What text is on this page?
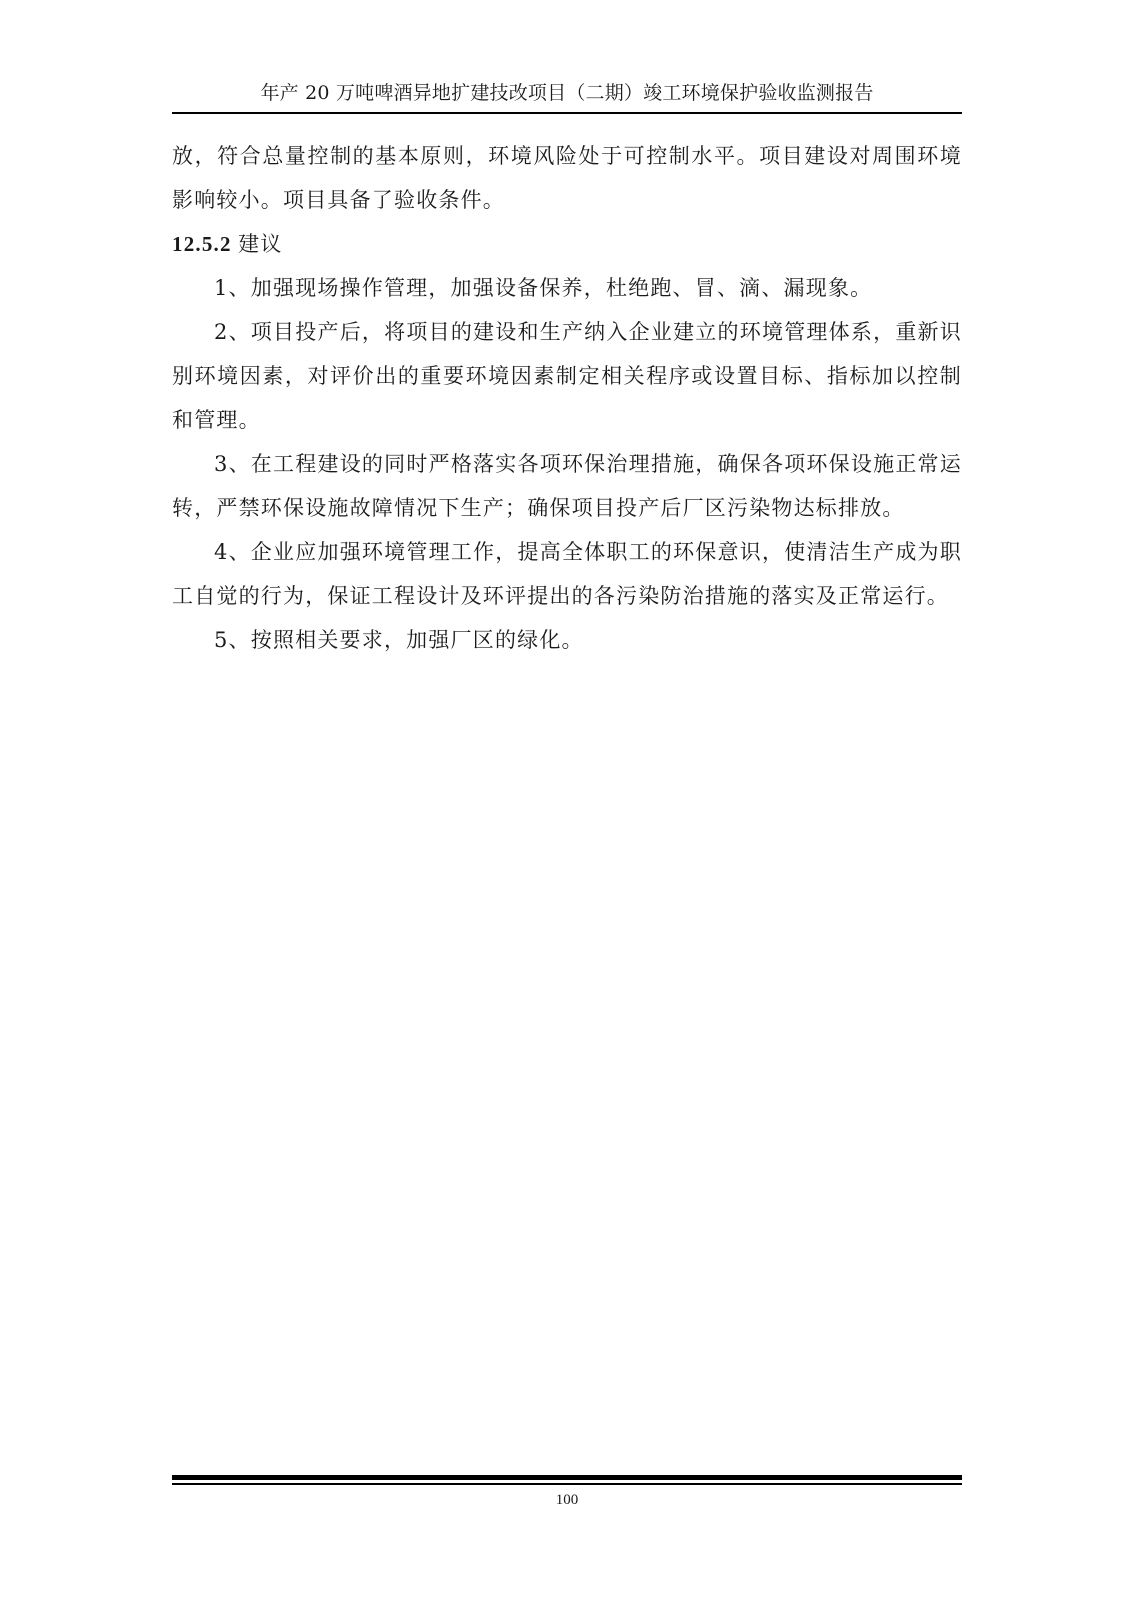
年产 20 万吨啤酒异地扩建技改项目（二期）竣工环境保护验收监测报告

放，符合总量控制的基本原则，环境风险处于可控制水平。项目建设对周围环境影响较小。项目具备了验收条件。

12.5.2 建议

1、加强现场操作管理，加强设备保养，杜绝跑、冒、滴、漏现象。

2、项目投产后，将项目的建设和生产纳入企业建立的环境管理体系，重新识别环境因素，对评价出的重要环境因素制定相关程序或设置目标、指标加以控制和管理。

3、在工程建设的同时严格落实各项环保治理措施，确保各项环保设施正常运转，严禁环保设施故障情况下生产；确保项目投产后厂区污染物达标排放。

4、企业应加强环境管理工作，提高全体职工的环保意识，使清洁生产成为职工自觉的行为，保证工程设计及环评提出的各污染防治措施的落实及正常运行。

5、按照相关要求，加强厂区的绿化。

100
